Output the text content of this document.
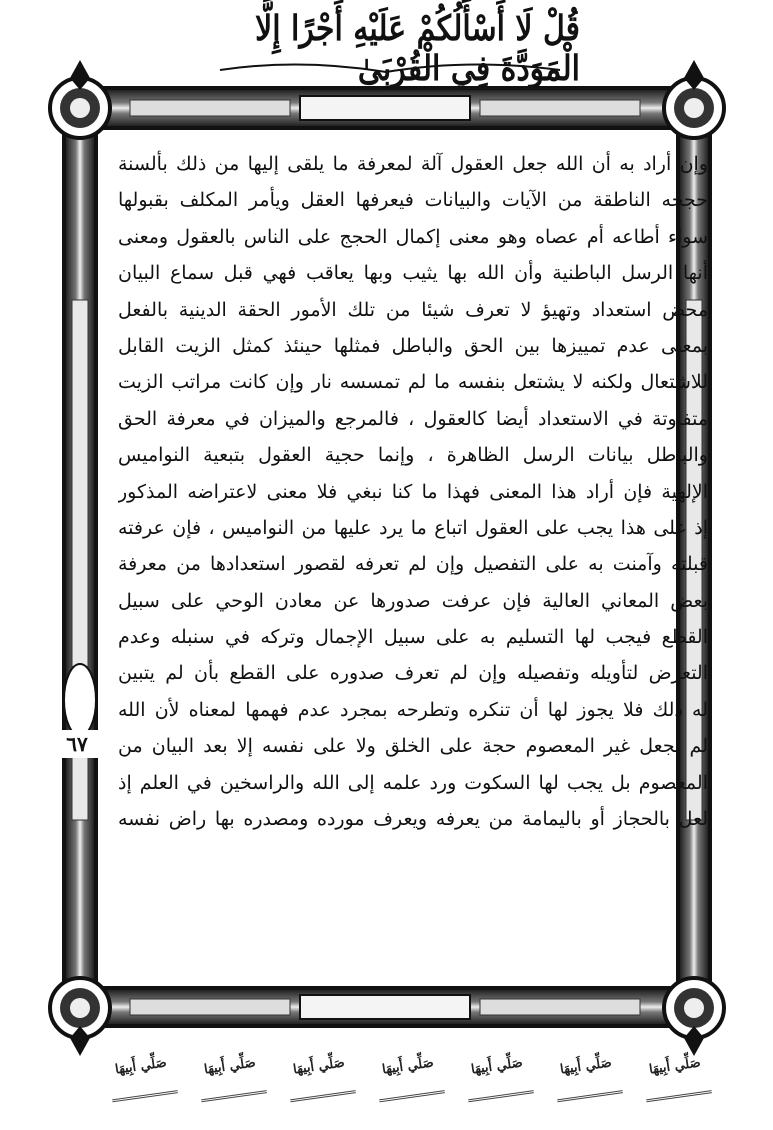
قُلْ لَا أَسْأَلُكُمْ عَلَيْهِ أَجْرًا إِلَّا الْمَوَدَّةَ فِي الْقُرْبَىٰ
وإن أراد به أن الله جعل العقول آلة لمعرفة ما يلقى إليها من ذلك بألسنة
حججه الناطقة من الآيات والبيانات فيعرفها العقل ويأمر المكلف بقبولها
سواء أطاعه أم عصاه وهو معنى إكمال الحجج على الناس بالعقول ومعنى
أنها الرسل الباطنية وأن الله بها يثيب وبها يعاقب فهي قبل سماع البيان
محض استعداد وتهيؤ لا تعرف شيئا من تلك الأمور الحقة الدينية بالفعل
بمعنى عدم تمييزها بين الحق والباطل فمثلها حينئذ كمثل الزيت القابل
للاشتعال ولكنه لا يشتعل بنفسه ما لم تمسسه نار وإن كانت مراتب الزيت
متفاوتة في الاستعداد أيضا كالعقول ، فالمرجع والميزان في معرفة الحق
والباطل بيانات الرسل الظاهرة ، وإنما حجية العقول بتبعية النواميس
الإلهية فإن أراد هذا المعنى فهذا ما كنا نبغي فلا معنى لاعتراضه المذكور
إذ على هذا يجب على العقول اتباع ما يرد عليها من النواميس ، فإن عرفته
قبلته وآمنت به على التفصيل وإن لم تعرفه لقصور استعدادها من معرفة
بعض المعاني العالية فإن عرفت صدورها عن معادن الوحي على سبيل
القطع فيجب لها التسليم به على سبيل الإجمال وتركه في سنبله وعدم
التعرض لتأويله وتفصيله وإن لم تعرف صدوره على القطع بأن لم يتبين
له ذلك فلا يجوز لها أن تنكره وتطرحه بمجرد عدم فهمها لمعناه لأن الله
لم يجعل غير المعصوم حجة على الخلق ولا على نفسه إلا بعد البيان من
المعصوم بل يجب لها السكوت ورد علمه إلى الله والراسخين في العلم إذ
لعل بالحجاز أو باليمامة من يعرفه ويعرف مورده ومصدره بها راض نفسه
٦٧
صَلِّي أَبِيهَا	صَلِّي أَبِيهَا	صَلِّي أَبِيهَا	صَلِّي أَبِيهَا	صَلِّي أَبِيهَا	صَلِّي أَبِيهَا	صَلِّي أَبِيهَا
